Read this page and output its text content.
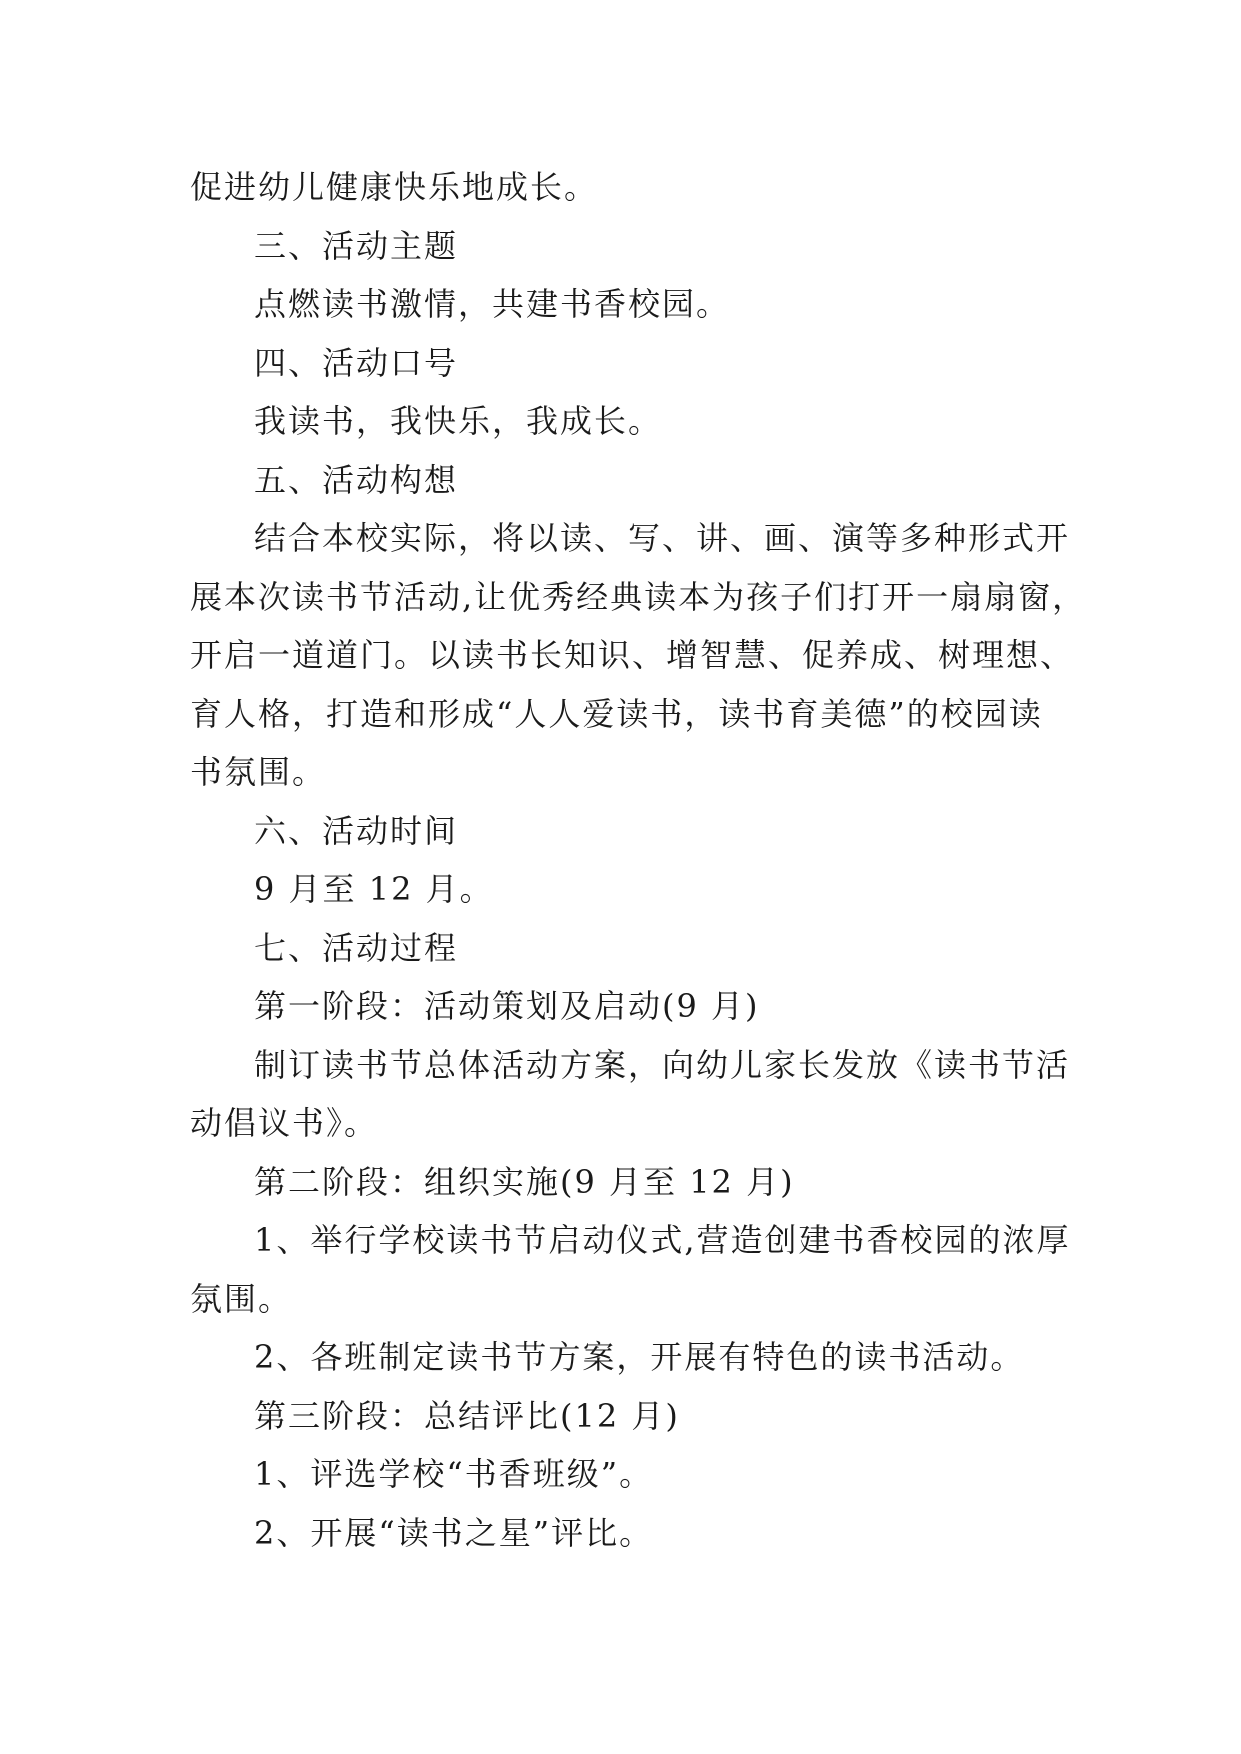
促进幼儿健康快乐地成长。
三、活动主题
点燃读书激情，共建书香校园。
四、活动口号
我读书，我快乐，我成长。
五、活动构想
结合本校实际，将以读、写、讲、画、演等多种形式开
展本次读书节活动,让优秀经典读本为孩子们打开一扇扇窗，
开启一道道门。以读书长知识、增智慧、促养成、树理想、
育人格，打造和形成“人人爱读书，读书育美德”的校园读
书氛围。
六、活动时间
9 月至 12 月。
七、活动过程
第一阶段：活动策划及启动(9 月)
制订读书节总体活动方案，向幼儿家长发放《读书节活
动倡议书》。
第二阶段：组织实施(9 月至 12 月)
1、举行学校读书节启动仪式,营造创建书香校园的浓厚
氛围。
2、各班制定读书节方案，开展有特色的读书活动。
第三阶段：总结评比(12 月)
1、评选学校“书香班级”。
2、开展“读书之星”评比。
